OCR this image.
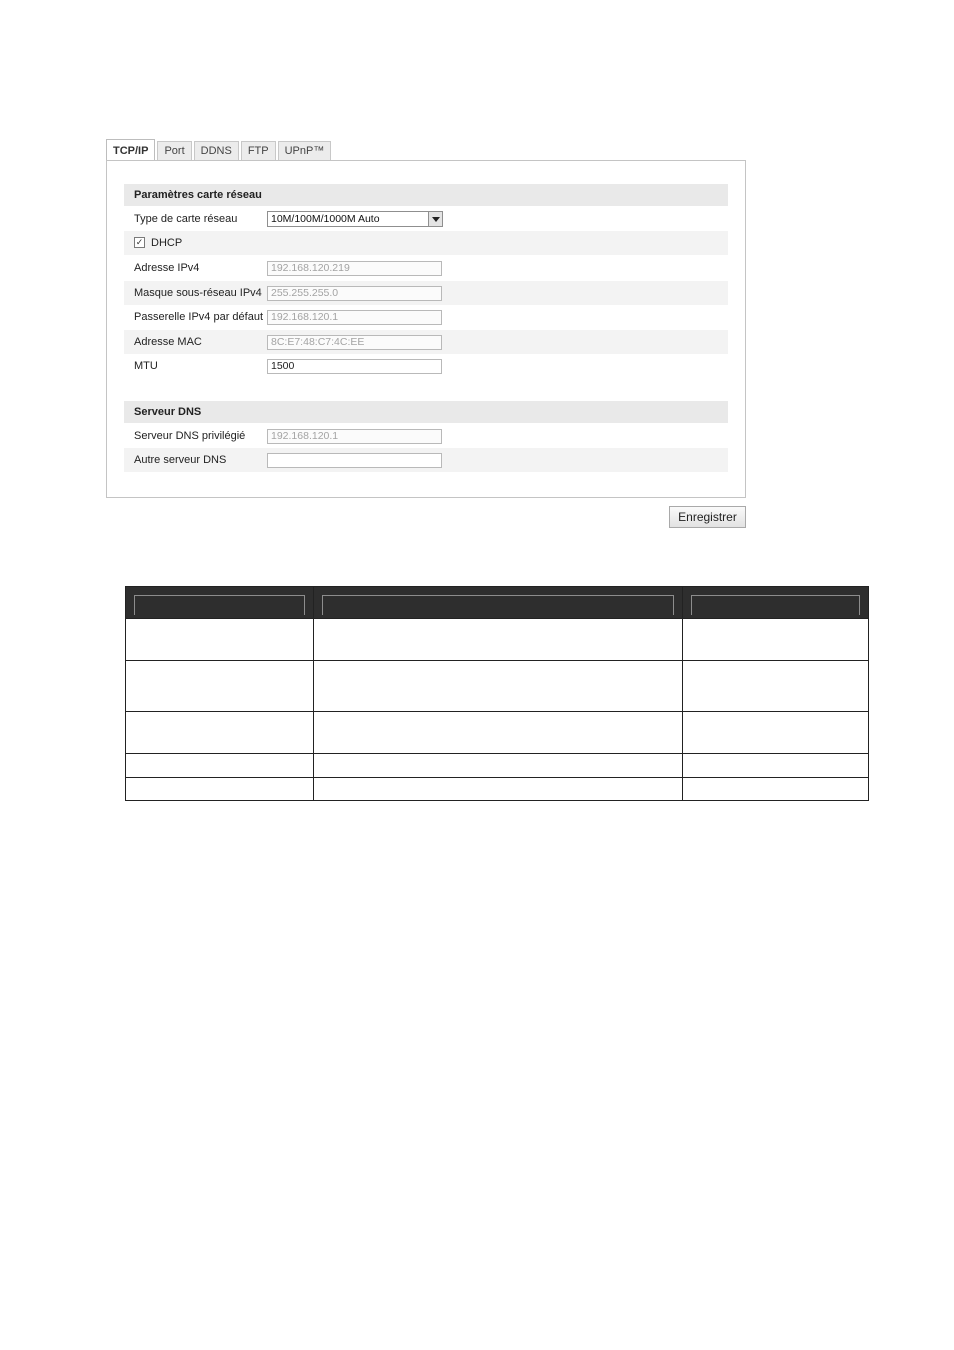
TCP/IP	Port	DDNS	FTP	UPnP™
Paramètres carte réseau
Type de carte réseau	10M/100M/1000M Auto
✓ DHCP
Adresse IPv4	192.168.120.219
Masque sous-réseau IPv4 255.255.255.0
Passerelle IPv4 par défaut 192.168.120.1
Adresse MAC	8C:E7:48:C7:4C:EE
MTU	1500
Serveur DNS
Serveur DNS privilégié	192.168.120.1
Autre serveur DNS
Enregistrer
